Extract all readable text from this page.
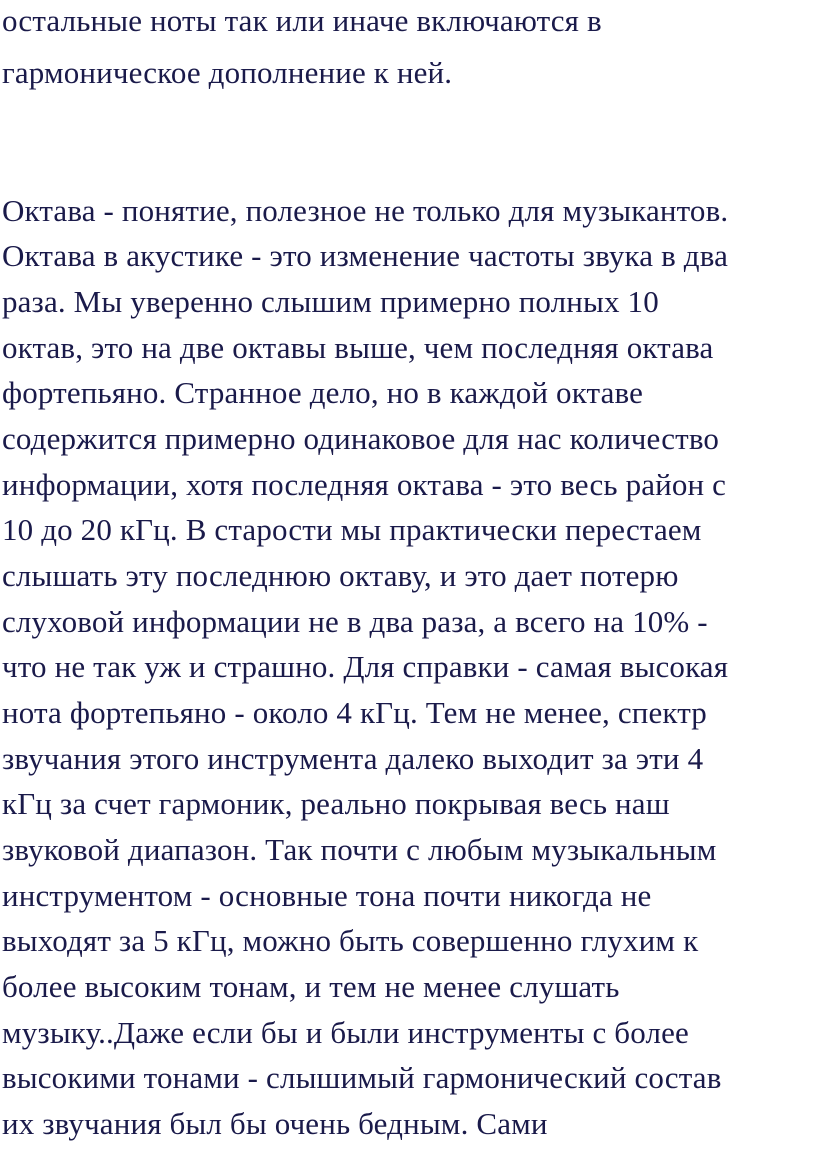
остальные ноты так или иначе включаются в
гармоническое дополнение к ней.
Октава - понятие, полезное не только для музыкантов.
Октава в акустике - это изменение частоты звука в два
раза. Мы уверенно слышим примерно полных 10
октав, это на две октавы выше, чем последняя октава
фортепьяно. Странное дело, но в каждой октаве
содержится примерно одинаковое для нас количество
информации, хотя последняя октава - это весь район с
10 до 20 кГц. В старости мы практически перестаем
слышать эту последнюю октаву, и это дает потерю
слуховой информации не в два раза, а всего на 10% -
что не так уж и страшно. Для справки - самая высокая
нота фортепьяно - около 4 кГц. Тем не менее, спектр
звучания этого инструмента далеко выходит за эти 4
кГц за счет гармоник, реально покрывая весь наш
звуковой диапазон. Так почти с любым музыкальным
инструментом - основные тона почти никогда не
выходят за 5 кГц, можно быть совершенно глухим к
более высоким тонам, и тем не менее слушать
музыку..Даже если бы и были инструменты с более
высокими тонами - слышимый гармонический состав
их звучания был бы очень бедным. Сами
